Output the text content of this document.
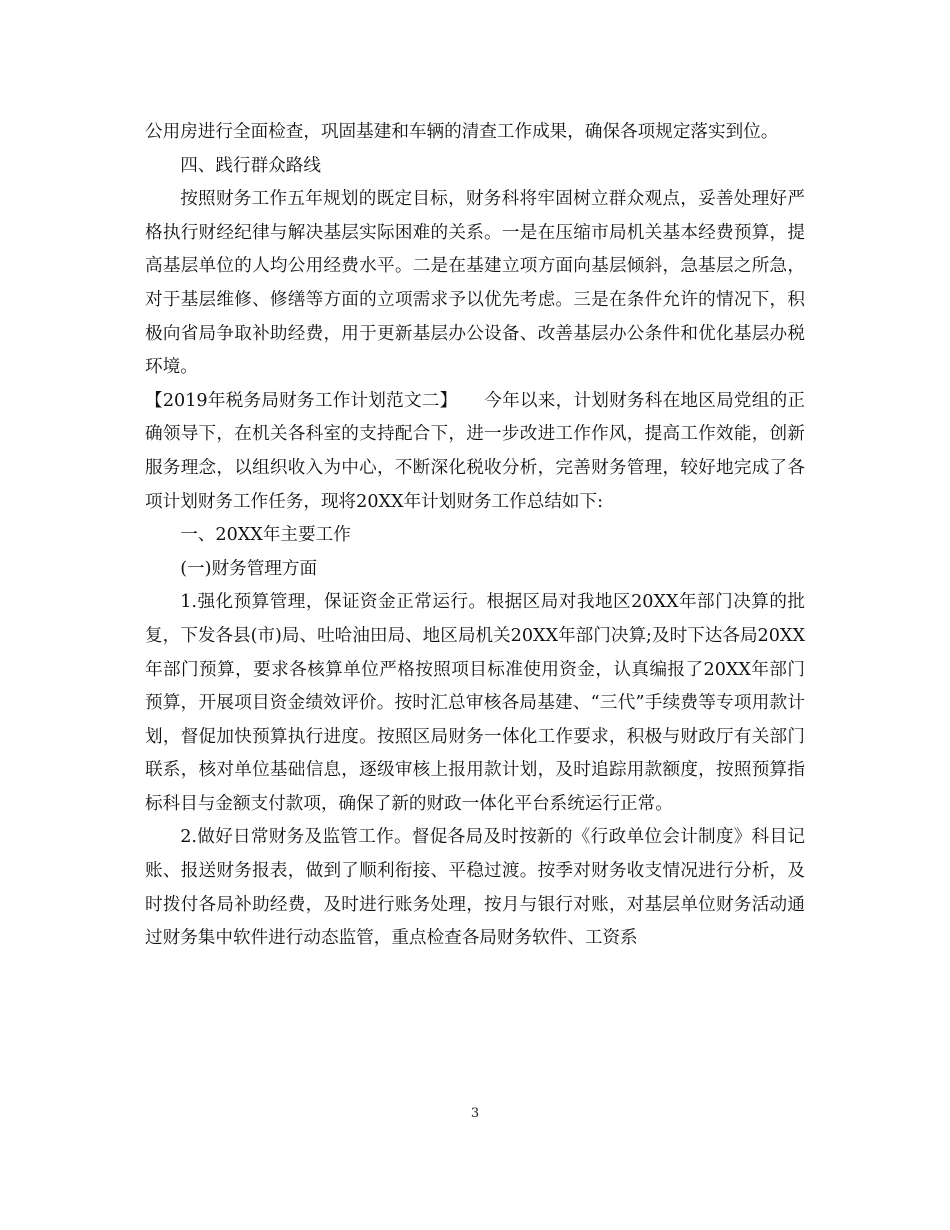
公用房进行全面检查，巩固基建和车辆的清查工作成果，确保各项规定落实到位。

四、践行群众路线

按照财务工作五年规划的既定目标，财务科将牢固树立群众观点，妥善处理好严格执行财经纪律与解决基层实际困难的关系。一是在压缩市局机关基本经费预算，提高基层单位的人均公用经费水平。二是在基建立项方面向基层倾斜，急基层之所急，对于基层维修、修缮等方面的立项需求予以优先考虑。三是在条件允许的情况下，积极向省局争取补助经费，用于更新基层办公设备、改善基层办公条件和优化基层办税环境。

【2019年税务局财务工作计划范文二】　　今年以来，计划财务科在地区局党组的正确领导下，在机关各科室的支持配合下，进一步改进工作作风，提高工作效能，创新服务理念，以组织收入为中心，不断深化税收分析，完善财务管理，较好地完成了各项计划财务工作任务，现将20XX年计划财务工作总结如下:

一、20XX年主要工作

(一)财务管理方面

1.强化预算管理，保证资金正常运行。根据区局对我地区20XX年部门决算的批复，下发各县(市)局、吐哈油田局、地区局机关20XX年部门决算;及时下达各局20XX年部门预算，要求各核算单位严格按照项目标准使用资金，认真编报了20XX年部门预算，开展项目资金绩效评价。按时汇总审核各局基建、“三代”手续费等专项用款计划，督促加快预算执行进度。按照区局财务一体化工作要求，积极与财政厅有关部门联系，核对单位基础信息，逐级审核上报用款计划，及时追踪用款额度，按照预算指标科目与金额支付款项，确保了新的财政一体化平台系统运行正常。

2.做好日常财务及监管工作。督促各局及时按新的《行政单位会计制度》科目记账、报送财务报表，做到了顺利衔接、平稳过渡。按季对财务收支情况进行分析，及时拨付各局补助经费，及时进行账务处理，按月与银行对账，对基层单位财务活动通过财务集中软件进行动态监管，重点检查各局财务软件、工资系

3
